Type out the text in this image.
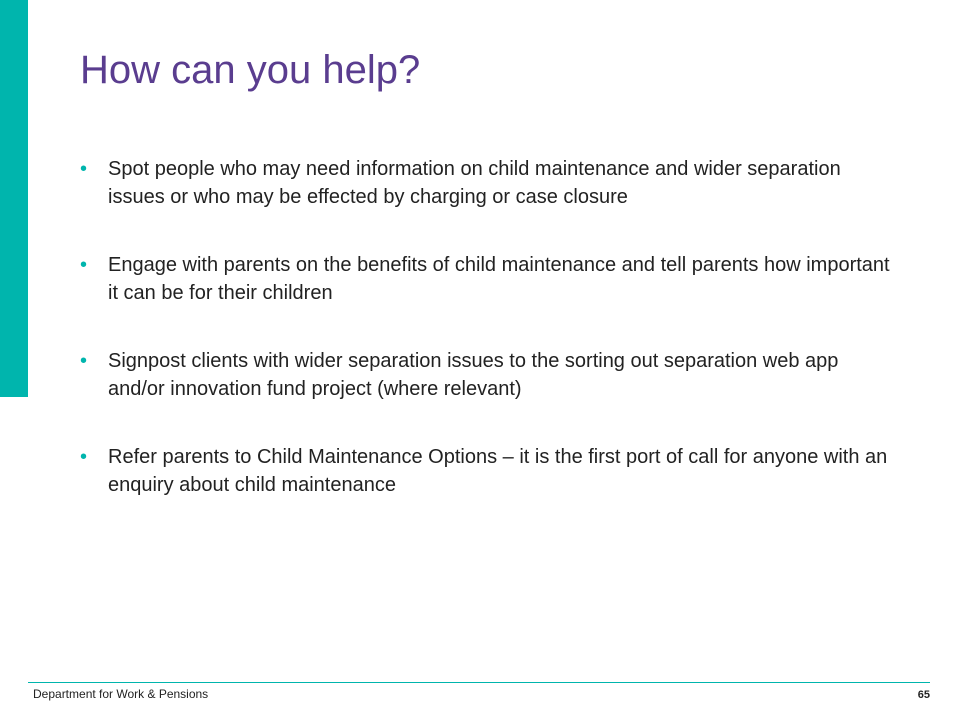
How can you help?
• Spot people who may need information on child maintenance and wider separation issues or who may be effected by charging or case closure
• Engage with parents on the benefits of child maintenance and tell parents how important it can be for their children
• Signpost clients with wider separation issues to the sorting out separation web app and/or innovation fund project (where relevant)
• Refer parents to Child Maintenance Options – it is the first port of call for anyone with an enquiry about child maintenance
Department for Work & Pensions	65
